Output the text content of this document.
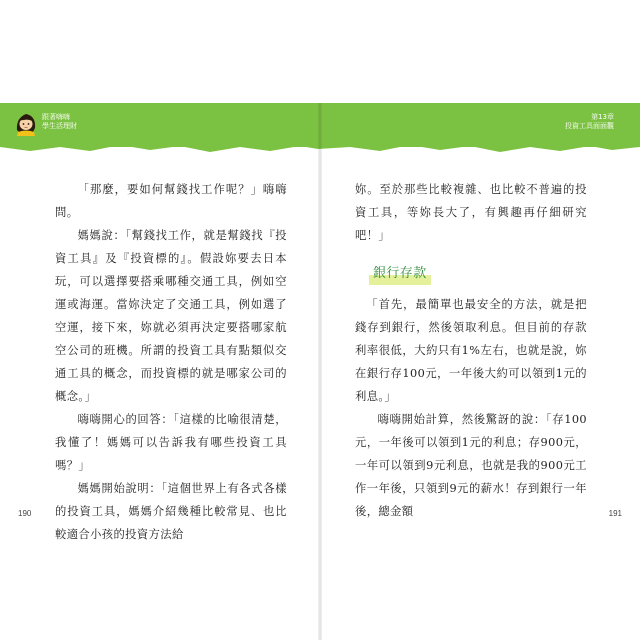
跟著嗨嗨
學生活理財
第13章
投資工具面面觀

「那麼，要如何幫錢找工作呢？」嗨嗨問。

媽媽說：「幫錢找工作，就是幫錢找『投資工具』及『投資標的』。假設妳要去日本玩，可以選擇要搭乘哪種交通工具，例如空運或海運。當妳決定了交通工具，例如選了空運，接下來，妳就必須再決定要搭哪家航空公司的班機。所謂的投資工具有點類似交通工具的概念，而投資標的就是哪家公司的概念。」

嗨嗨開心的回答：「這樣的比喻很清楚，我懂了！媽媽可以告訴我有哪些投資工具嗎？」

媽媽開始說明：「這個世界上有各式各樣的投資工具，媽媽介紹幾種比較常見、也比較適合小孩的投資方法給

190

妳。至於那些比較複雜、也比較不普遍的投資工具，等妳長大了，有興趣再仔細研究吧！」

銀行存款

「首先，最簡單也最安全的方法，就是把錢存到銀行，然後領取利息。但目前的存款利率很低，大約只有1%左右，也就是說，妳在銀行存100元，一年後大約可以領到1元的利息。」

嗨嗨開始計算，然後驚訝的說：「存100元，一年後可以領到1元的利息；存900元，一年可以領到9元利息，也就是我的900元工作一年後，只領到9元的薪水！存到銀行一年後，總金額	191
